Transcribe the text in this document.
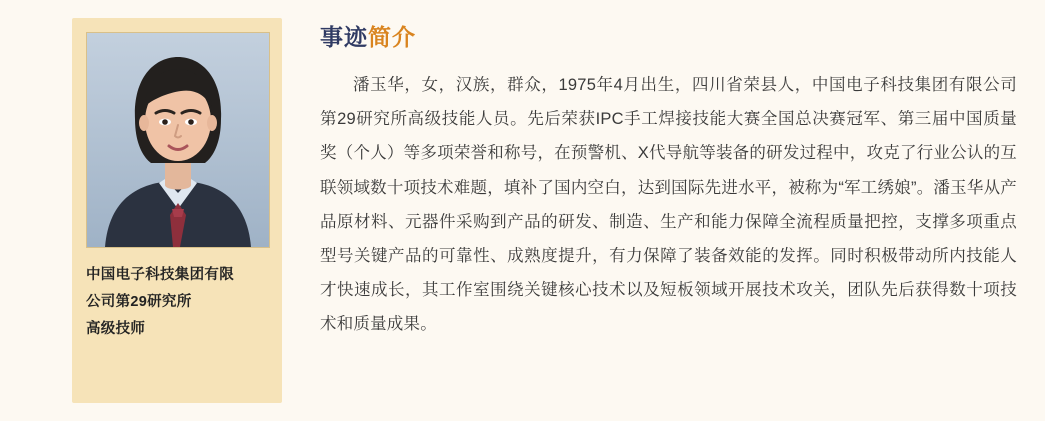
中国电子科技集团有限
公司第29研究所
高级技师
事迹简介

潘玉华，女，汉族，群众，1975年4月出生，四川省荣县人，中国电子科技集团有限公司第29研究所高级技能人员。先后荣获IPC手工焊接技能大赛全国总决赛冠军、第三届中国质量奖（个人）等多项荣誉和称号，在预警机、X代导航等装备的研发过程中，攻克了行业公认的互联领域数十项技术难题，填补了国内空白，达到国际先进水平，被称为“军工绣娘”。潘玉华从产品原材料、元器件采购到产品的研发、制造、生产和能力保障全流程质量把控，支撑多项重点型号关键产品的可靠性、成熟度提升，有力保障了装备效能的发挥。同时积极带动所内技能人才快速成长，其工作室围绕关键核心技术以及短板领域开展技术攻关，团队先后获得数十项技术和质量成果。
